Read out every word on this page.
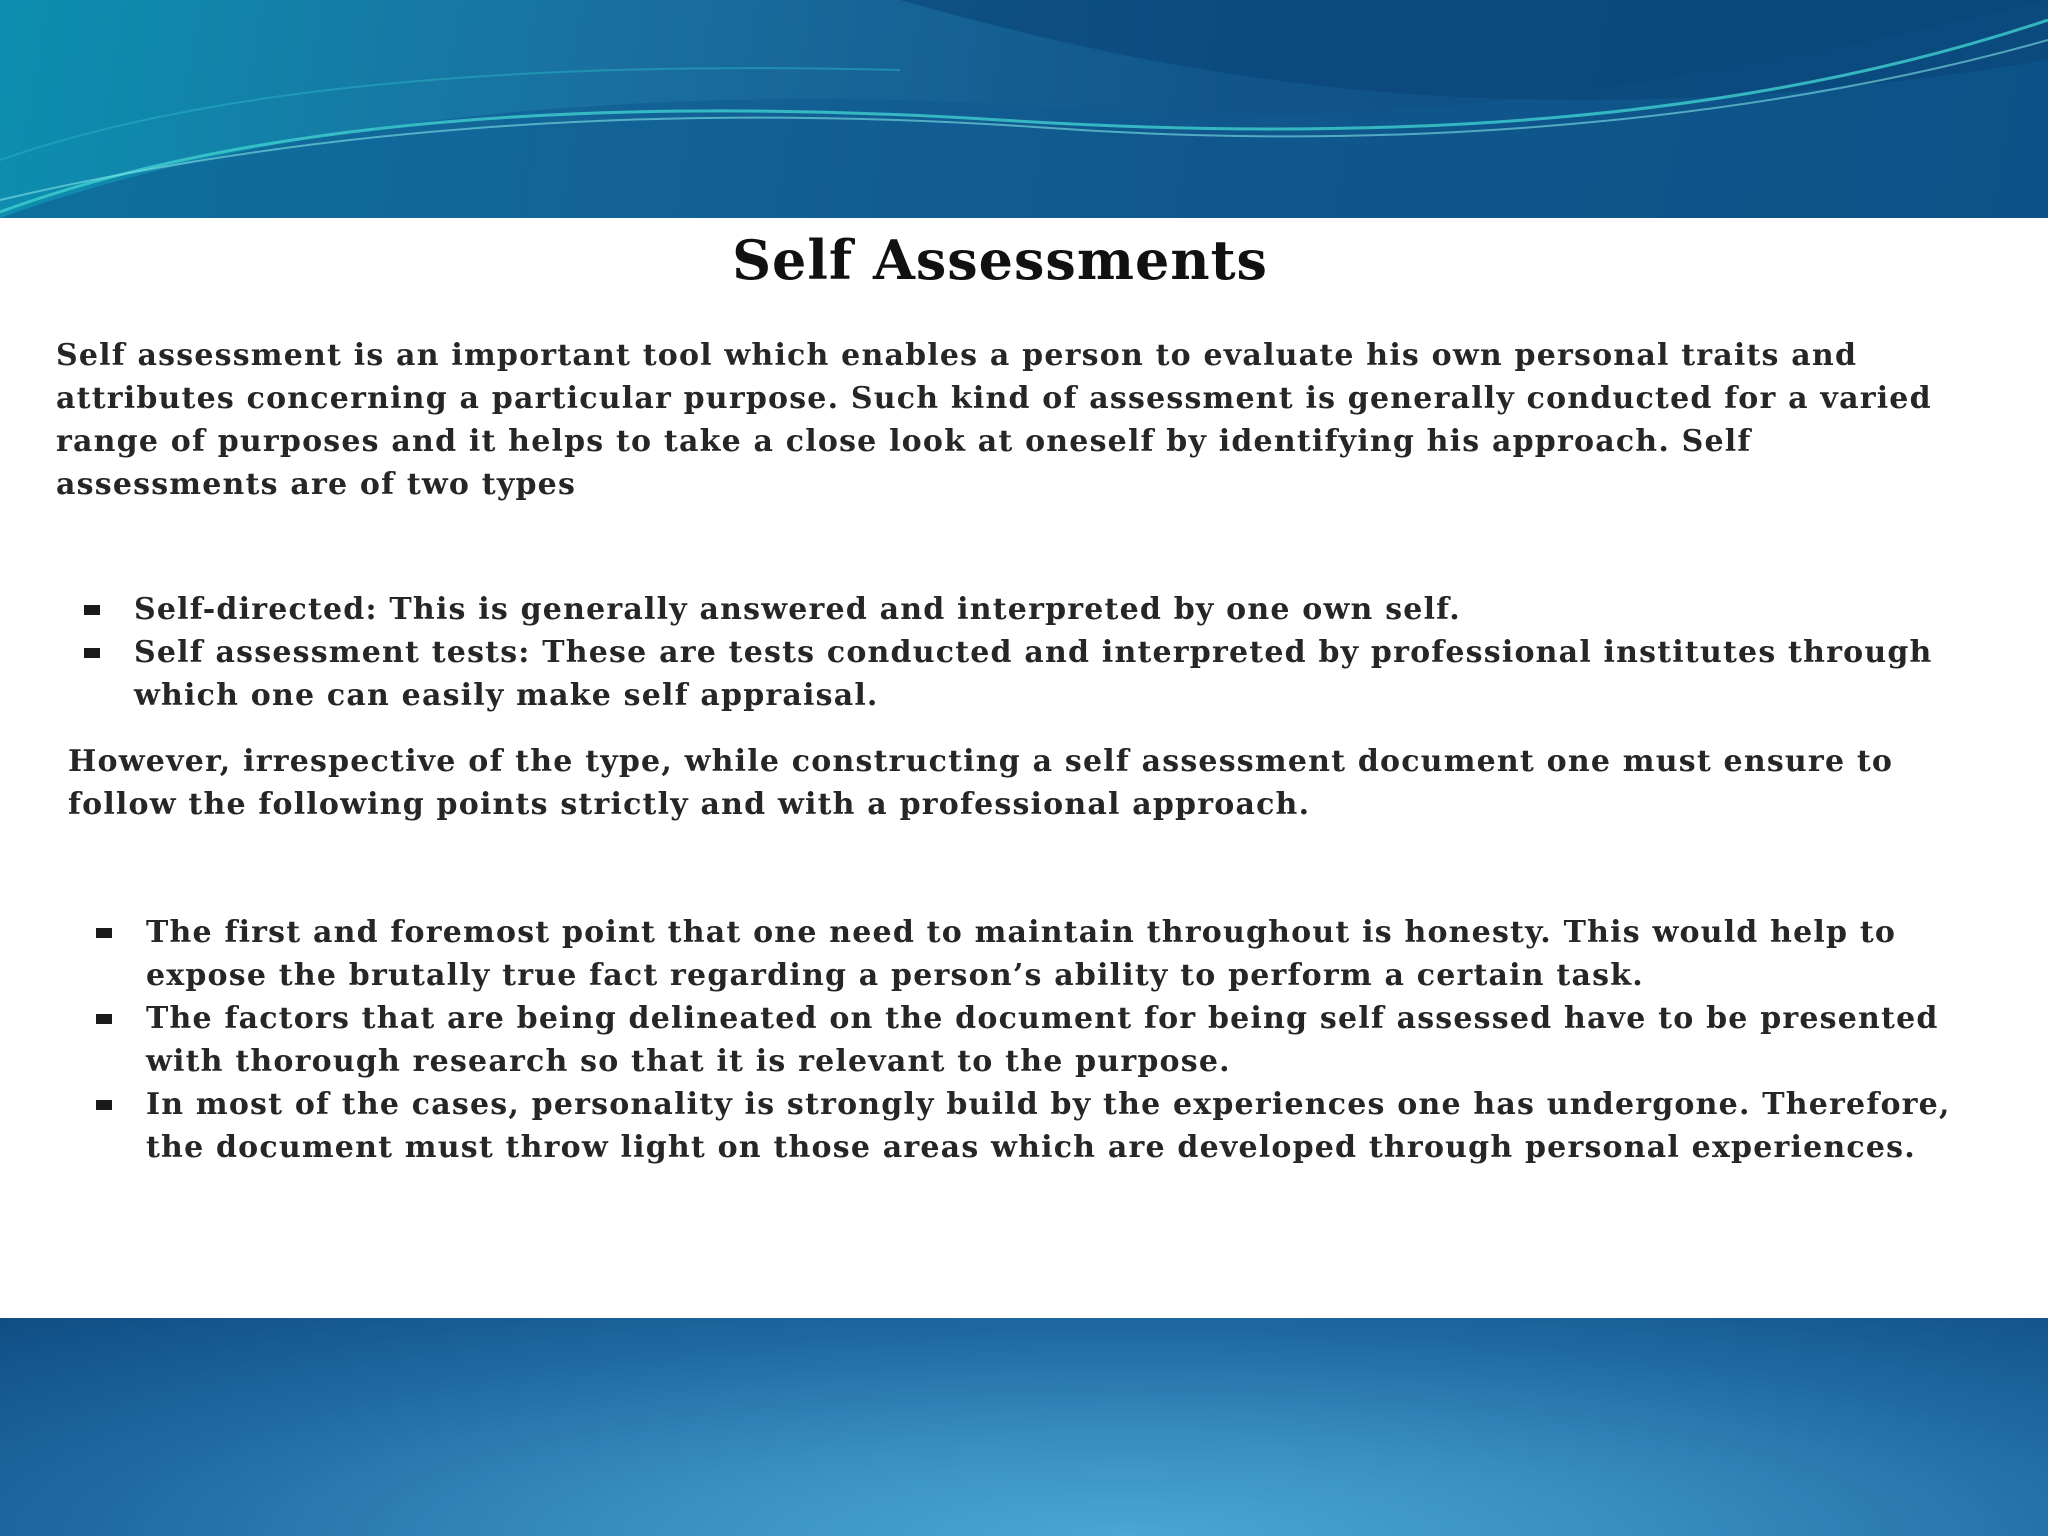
Self Assessments

Self assessment is an important tool which enables a person to evaluate his own personal traits and attributes concerning a particular purpose. Such kind of assessment is generally conducted for a varied range of purposes and it helps to take a close look at oneself by identifying his approach. Self assessments are of two types

Self-directed: This is generally answered and interpreted by one own self.
Self assessment tests: These are tests conducted and interpreted by professional institutes through which one can easily make self appraisal.

However, irrespective of the type, while constructing a self assessment document one must ensure to follow the following points strictly and with a professional approach.

The first and foremost point that one need to maintain throughout is honesty. This would help to expose the brutally true fact regarding a person’s ability to perform a certain task.
The factors that are being delineated on the document for being self assessed have to be presented with thorough research so that it is relevant to the purpose.
In most of the cases, personality is strongly build by the experiences one has undergone. Therefore, the document must throw light on those areas which are developed through personal experiences.
